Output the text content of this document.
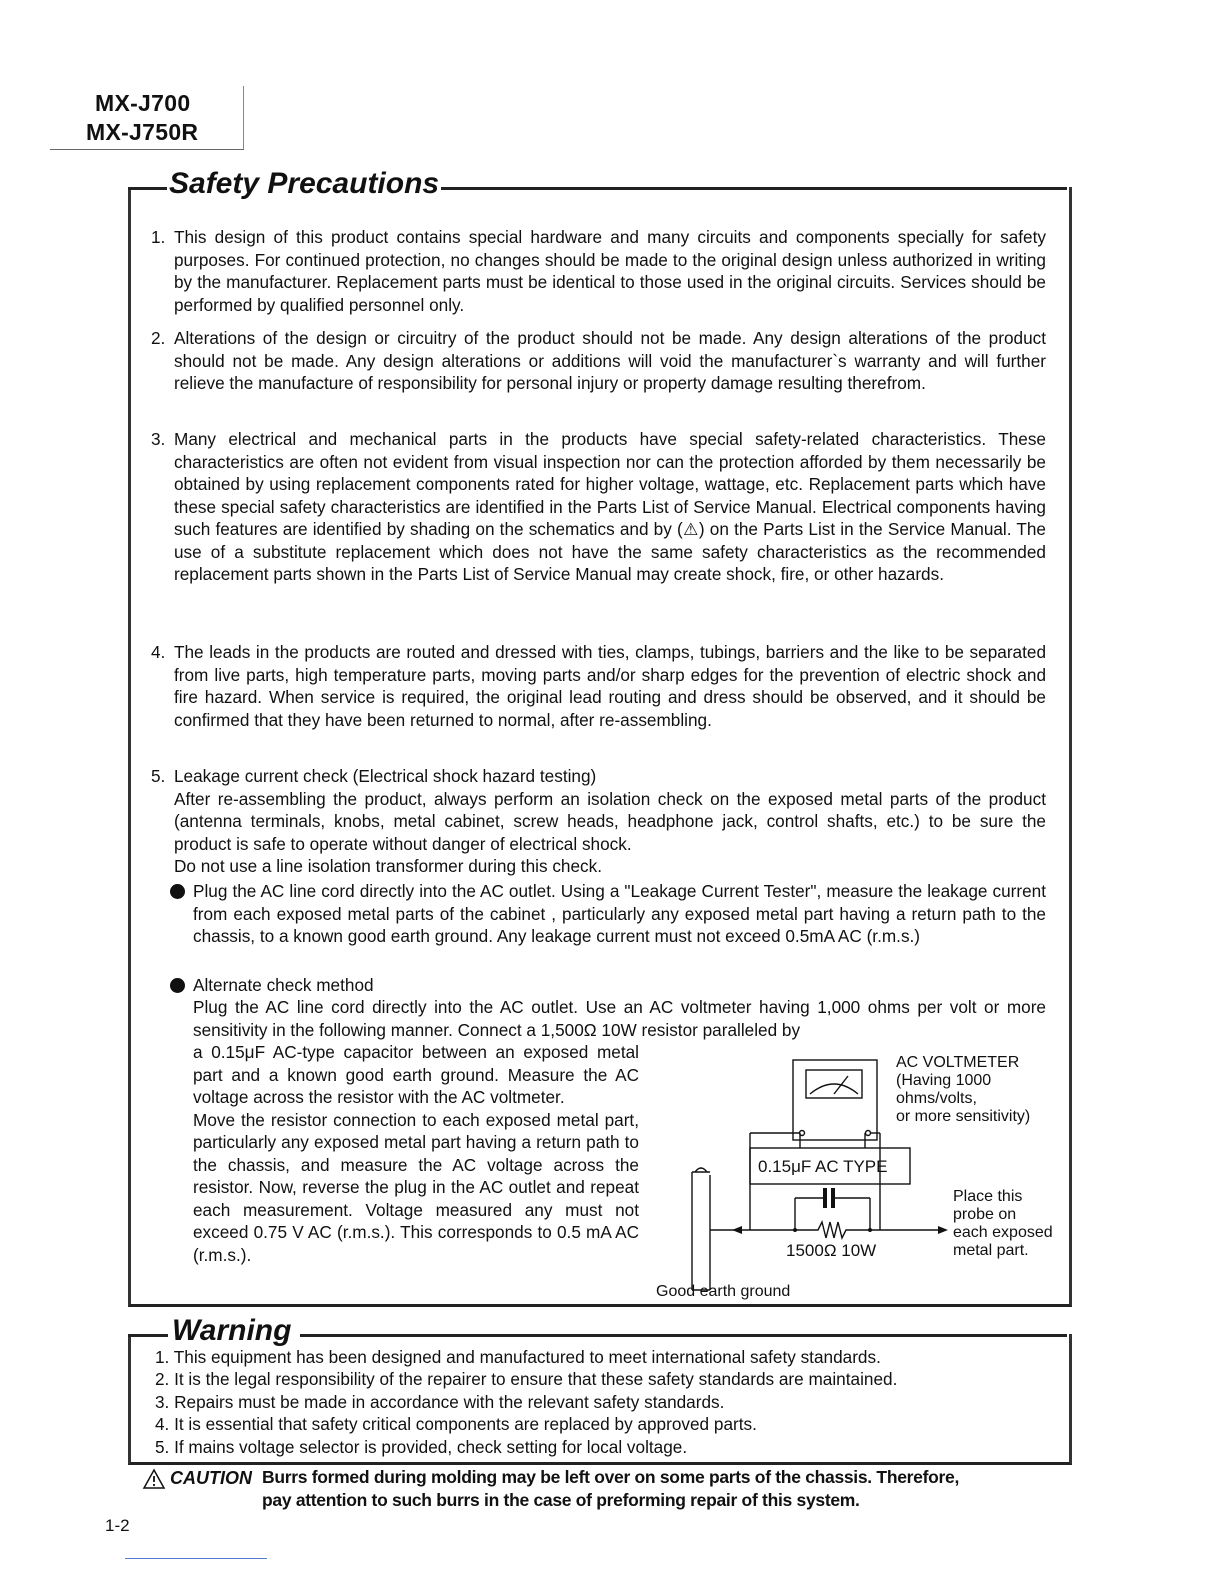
MX-J700
MX-J750R
Safety Precautions
1. This design of this product contains special hardware and many circuits and components specially for safety purposes. For continued protection, no changes should be made to the original design unless authorized in writing by the manufacturer. Replacement parts must be identical to those used in the original circuits. Services should be performed by qualified personnel only.
2. Alterations of the design or circuitry of the product should not be made. Any design alterations of the product should not be made. Any design alterations or additions will void the manufacturer`s warranty and will further relieve the manufacture of responsibility for personal injury or property damage resulting therefrom.
3. Many electrical and mechanical parts in the products have special safety-related characteristics. These characteristics are often not evident from visual inspection nor can the protection afforded by them necessarily be obtained by using replacement components rated for higher voltage, wattage, etc. Replacement parts which have these special safety characteristics are identified in the Parts List of Service Manual. Electrical components having such features are identified by shading on the schematics and by (⚠) on the Parts List in the Service Manual. The use of a substitute replacement which does not have the same safety characteristics as the recommended replacement parts shown in the Parts List of Service Manual may create shock, fire, or other hazards.
4. The leads in the products are routed and dressed with ties, clamps, tubings, barriers and the like to be separated from live parts, high temperature parts, moving parts and/or sharp edges for the prevention of electric shock and fire hazard. When service is required, the original lead routing and dress should be observed, and it should be confirmed that they have been returned to normal, after re-assembling.
5. Leakage current check (Electrical shock hazard testing)
After re-assembling the product, always perform an isolation check on the exposed metal parts of the product (antenna terminals, knobs, metal cabinet, screw heads, headphone jack, control shafts, etc.) to be sure the product is safe to operate without danger of electrical shock.
Do not use a line isolation transformer during this check.
Plug the AC line cord directly into the AC outlet. Using a "Leakage Current Tester", measure the leakage current from each exposed metal parts of the cabinet , particularly any exposed metal part having a return path to the chassis, to a known good earth ground. Any leakage current must not exceed 0.5mA AC (r.m.s.)
Alternate check method
Plug the AC line cord directly into the AC outlet. Use an AC voltmeter having 1,000 ohms per volt or more sensitivity in the following manner. Connect a 1,500Ω 10W resistor paralleled by
a 0.15μF AC-type capacitor between an exposed metal part and a known good earth ground. Measure the AC voltage across the resistor with the AC voltmeter.
Move the resistor connection to each exposed metal part, particularly any exposed metal part having a return path to the chassis, and measure the AC voltage across the resistor. Now, reverse the plug in the AC outlet and repeat each measurement. Voltage measured any must not exceed 0.75 V AC (r.m.s.). This corresponds to 0.5 mA AC (r.m.s.).
AC VOLTMETER
(Having 1000
ohms/volts,
or more sensitivity)
0.15μF AC TYPE
1500Ω 10W
Place this
probe on
each exposed
metal part.
Good earth ground
Warning
1. This equipment has been designed and manufactured to meet international safety standards.
2. It is the legal responsibility of the repairer to ensure that these safety standards are maintained.
3. Repairs must be made in accordance with the relevant safety standards.
4. It is essential that safety critical components are replaced by approved parts.
5. If mains voltage selector is provided, check setting for local voltage.
CAUTION Burrs formed during molding may be left over on some parts of the chassis. Therefore,
pay attention to such burrs in the case of preforming repair of this system.
1-2
